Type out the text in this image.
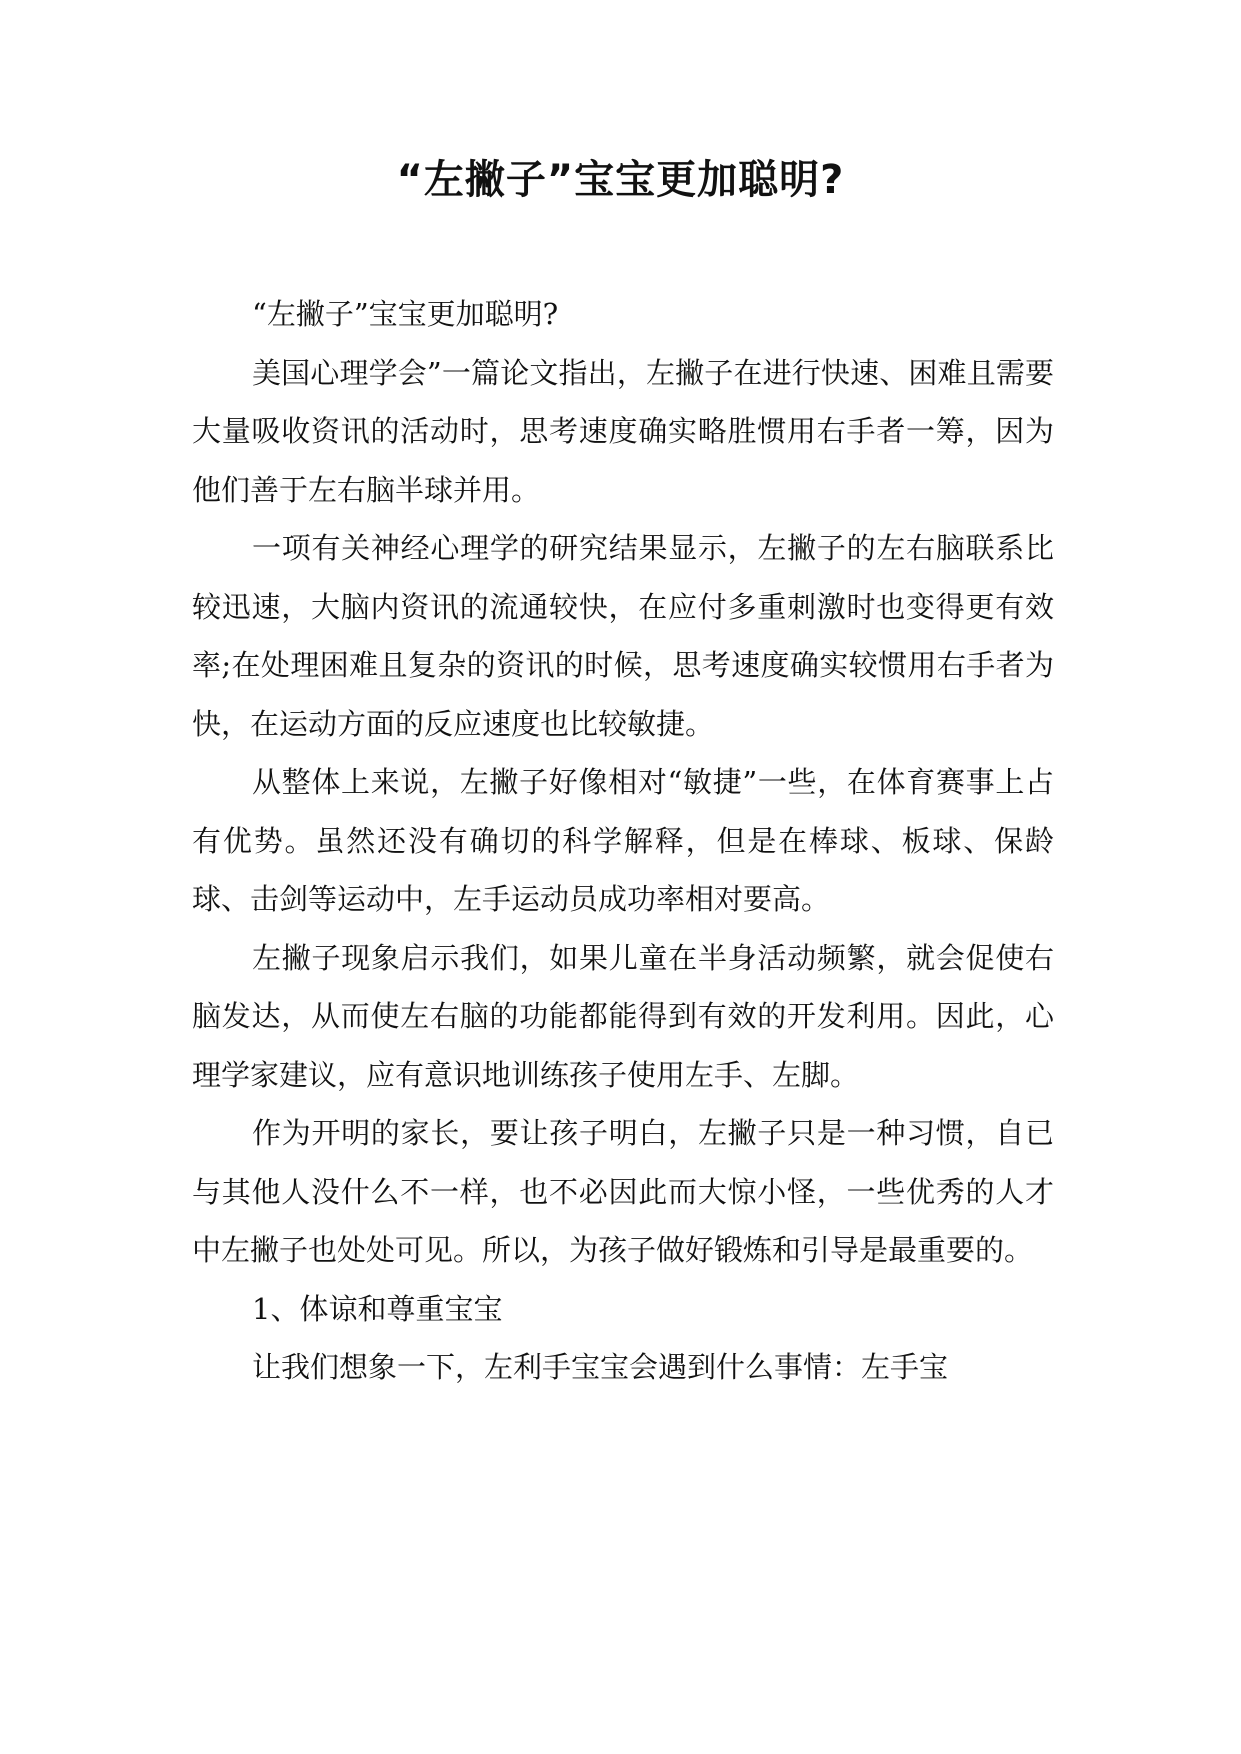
“左撇子”宝宝更加聪明?

“左撇子”宝宝更加聪明?

美国心理学会”一篇论文指出，左撇子在进行快速、困难且需要大量吸收资讯的活动时，思考速度确实略胜惯用右手者一筹，因为他们善于左右脑半球并用。

一项有关神经心理学的研究结果显示，左撇子的左右脑联系比较迅速，大脑内资讯的流通较快，在应付多重刺激时也变得更有效率;在处理困难且复杂的资讯的时候，思考速度确实较惯用右手者为快，在运动方面的反应速度也比较敏捷。

从整体上来说，左撇子好像相对“敏捷”一些，在体育赛事上占有优势。虽然还没有确切的科学解释，但是在棒球、板球、保龄球、击剑等运动中，左手运动员成功率相对要高。

左撇子现象启示我们，如果儿童在半身活动频繁，就会促使右脑发达，从而使左右脑的功能都能得到有效的开发利用。因此，心理学家建议，应有意识地训练孩子使用左手、左脚。

作为开明的家长，要让孩子明白，左撇子只是一种习惯，自已与其他人没什么不一样，也不必因此而大惊小怪，一些优秀的人才中左撇子也处处可见。所以，为孩子做好锻炼和引导是最重要的。

1、体谅和尊重宝宝

让我们想象一下，左利手宝宝会遇到什么事情：左手宝
